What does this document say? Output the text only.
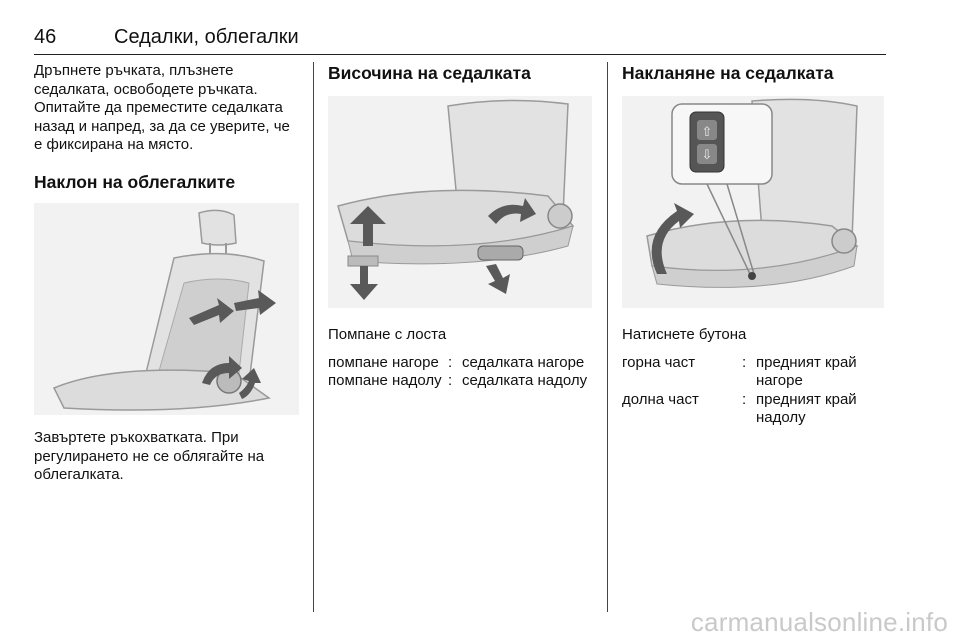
46	Седалки, облегалки

Дръпнете ръчката, плъзнете седалката, освободете ръчката. Опитайте да преместите седалката назад и напред, за да се уверите, че е фиксирана на място.

Наклон на облегалките

Завъртете ръкохватката. При регулирането не се облягайте на облегалката.

Височина на седалката

Помпане с лоста

помпане нагоре : седалката нагоре
помпане надолу : седалката надолу
Накланяне на седалката
⇧
⇩

Натиснете бутона

горна част	: предният край нагоре
долна част	: предният край надолу
carmanualsonline.info
